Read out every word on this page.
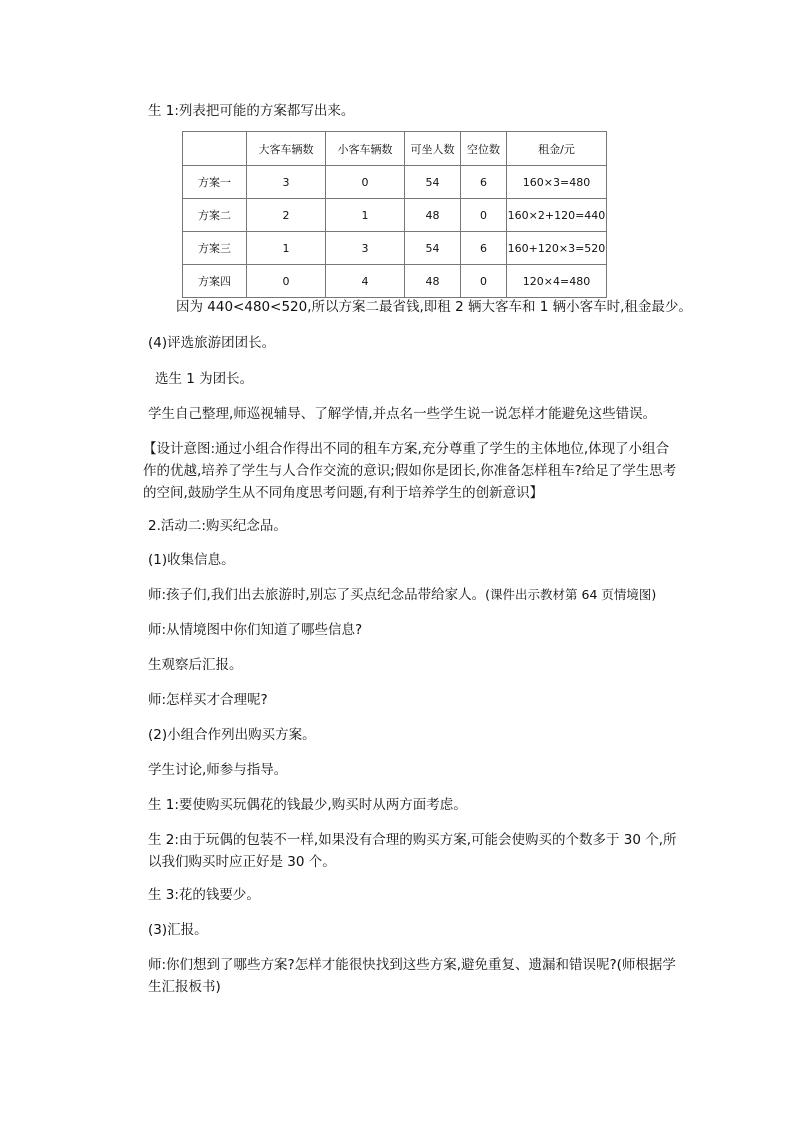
生 1:列表把可能的方案都写出来。
	大客车辆数	小客车辆数	可坐人数	空位数	租金/元
方案一	3	0	54	6	160×3=480
方案二	2	1	48	0	160×2+120=440
方案三	1	3	54	6	160+120×3=520
方案四	0	4	48	0	120×4=480
因为 440<480<520,所以方案二最省钱,即租 2 辆大客车和 1 辆小客车时,租金最少。
(4)评选旅游团团长。
选生 1 为团长。
学生自己整理,师巡视辅导、了解学情,并点名一些学生说一说怎样才能避免这些错误。
【设计意图:通过小组合作得出不同的租车方案,充分尊重了学生的主体地位,体现了小组合作的优越,培养了学生与人合作交流的意识;假如你是团长,你准备怎样租车?给足了学生思考的空间,鼓励学生从不同角度思考问题,有利于培养学生的创新意识】
2.活动二:购买纪念品。
(1)收集信息。
师:孩子们,我们出去旅游时,别忘了买点纪念品带给家人。(课件出示教材第 64 页情境图)
师:从情境图中你们知道了哪些信息?
生观察后汇报。
师:怎样买才合理呢?
(2)小组合作列出购买方案。
学生讨论,师参与指导。
生 1:要使购买玩偶花的钱最少,购买时从两方面考虑。
生 2:由于玩偶的包装不一样,如果没有合理的购买方案,可能会使购买的个数多于 30 个,所以我们购买时应正好是 30 个。
生 3:花的钱要少。
(3)汇报。
师:你们想到了哪些方案?怎样才能很快找到这些方案,避免重复、遗漏和错误呢?(师根据学生汇报板书)
